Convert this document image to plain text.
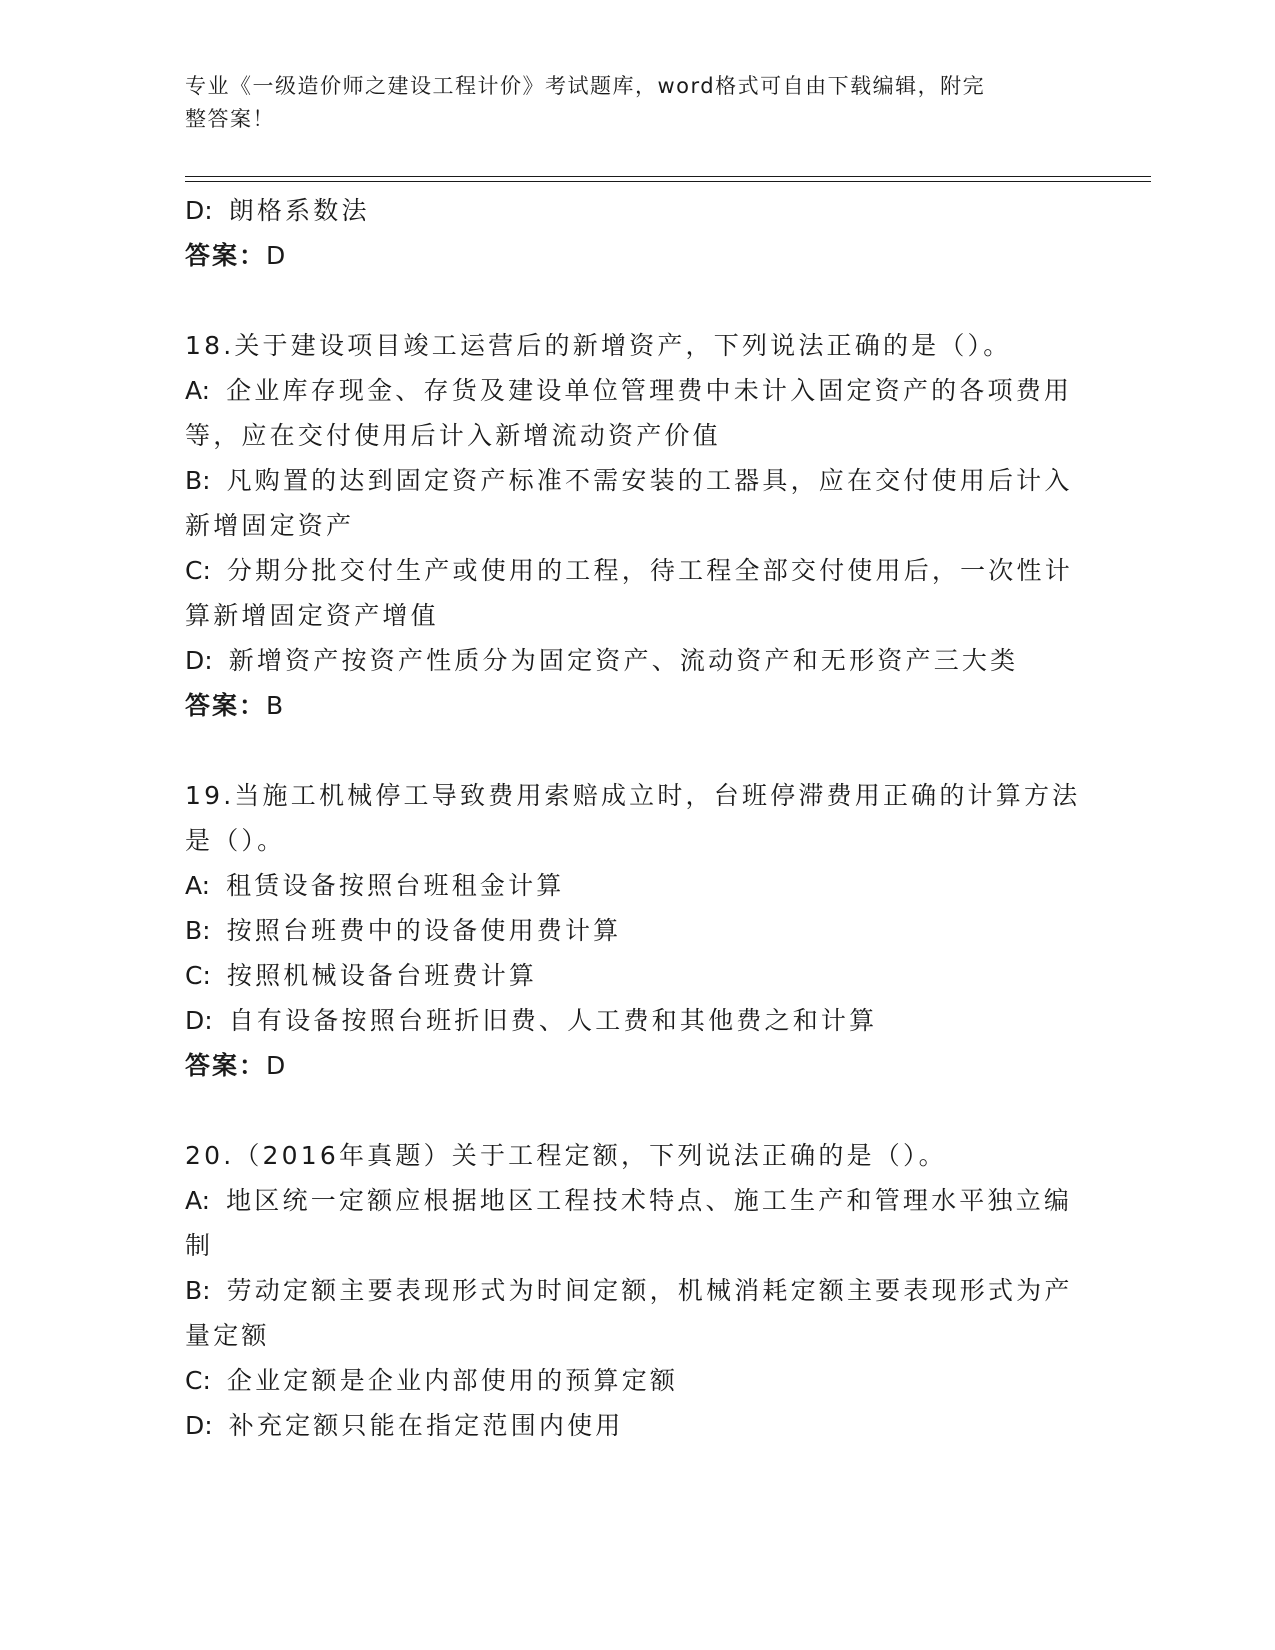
专业《一级造价师之建设工程计价》考试题库，word格式可自由下载编辑，附完
整答案！
D: 朗格系数法
答案：D
18.关于建设项目竣工运营后的新增资产，下列说法正确的是（）。
A: 企业库存现金、存货及建设单位管理费中未计入固定资产的各项费用等，应在交付使用后计入新增流动资产价值
B: 凡购置的达到固定资产标准不需安装的工器具，应在交付使用后计入新增固定资产
C: 分期分批交付生产或使用的工程，待工程全部交付使用后，一次性计算新增固定资产增值
D: 新增资产按资产性质分为固定资产、流动资产和无形资产三大类
答案：B
19.当施工机械停工导致费用索赔成立时，台班停滞费用正确的计算方法是（）。
A: 租赁设备按照台班租金计算
B: 按照台班费中的设备使用费计算
C: 按照机械设备台班费计算
D: 自有设备按照台班折旧费、人工费和其他费之和计算
答案：D
20.（2016年真题）关于工程定额，下列说法正确的是（）。
A: 地区统一定额应根据地区工程技术特点、施工生产和管理水平独立编制
B: 劳动定额主要表现形式为时间定额，机械消耗定额主要表现形式为产量定额
C: 企业定额是企业内部使用的预算定额
D: 补充定额只能在指定范围内使用
